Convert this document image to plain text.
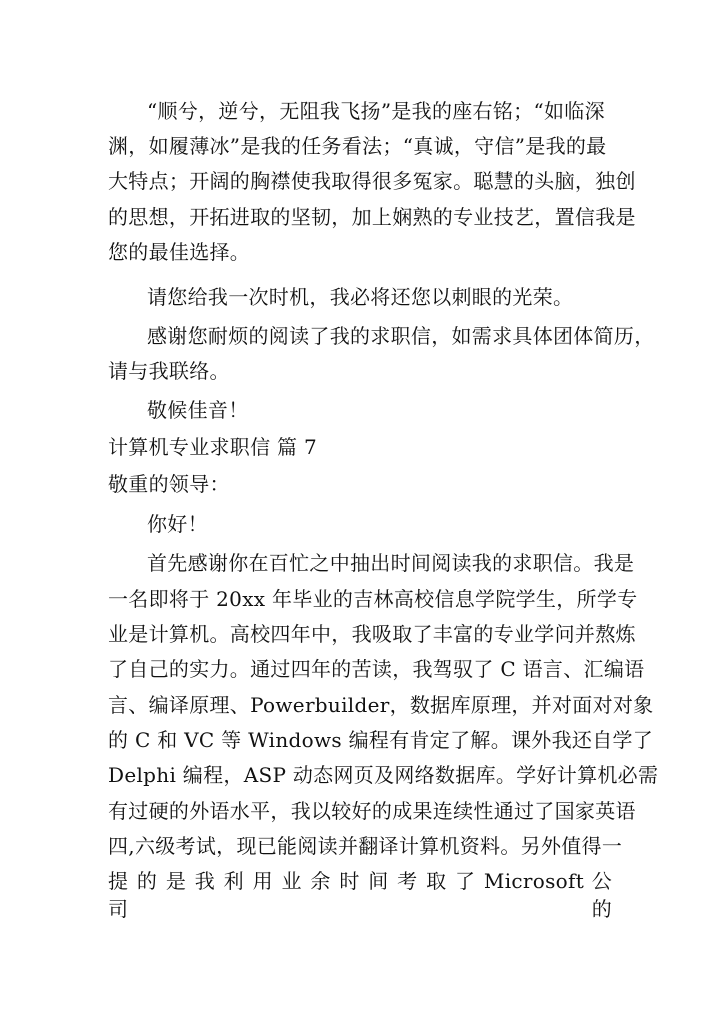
“顺兮，逆兮，无阻我飞扬”是我的座右铭；“如临深
渊，如履薄冰”是我的任务看法；“真诚，守信”是我的最
大特点；开阔的胸襟使我取得很多冤家。聪慧的头脑，独创
的思想，开拓进取的坚韧，加上娴熟的专业技艺，置信我是
您的最佳选择。
请您给我一次时机，我必将还您以刺眼的光荣。
感谢您耐烦的阅读了我的求职信，如需求具体团体简历，
请与我联络。
敬候佳音！
计算机专业求职信 篇 7
敬重的领导：
你好！
首先感谢你在百忙之中抽出时间阅读我的求职信。我是
一名即将于 20xx 年毕业的吉林高校信息学院学生，所学专
业是计算机。高校四年中，我吸取了丰富的专业学问并熬炼
了自己的实力。通过四年的苦读，我驾驭了 C 语言、汇编语
言、编译原理、Powerbuilder，数据库原理，并对面对对象
的 C 和 VC 等 Windows 编程有肯定了解。课外我还自学了
Delphi 编程，ASP 动态网页及网络数据库。学好计算机必需
有过硬的外语水平，我以较好的成果连续性通过了国家英语
四,六级考试，现已能阅读并翻译计算机资料。另外值得一
提 的 是 我 利 用 业 余 时 间 考 取 了 Microsoft 公 司 的
